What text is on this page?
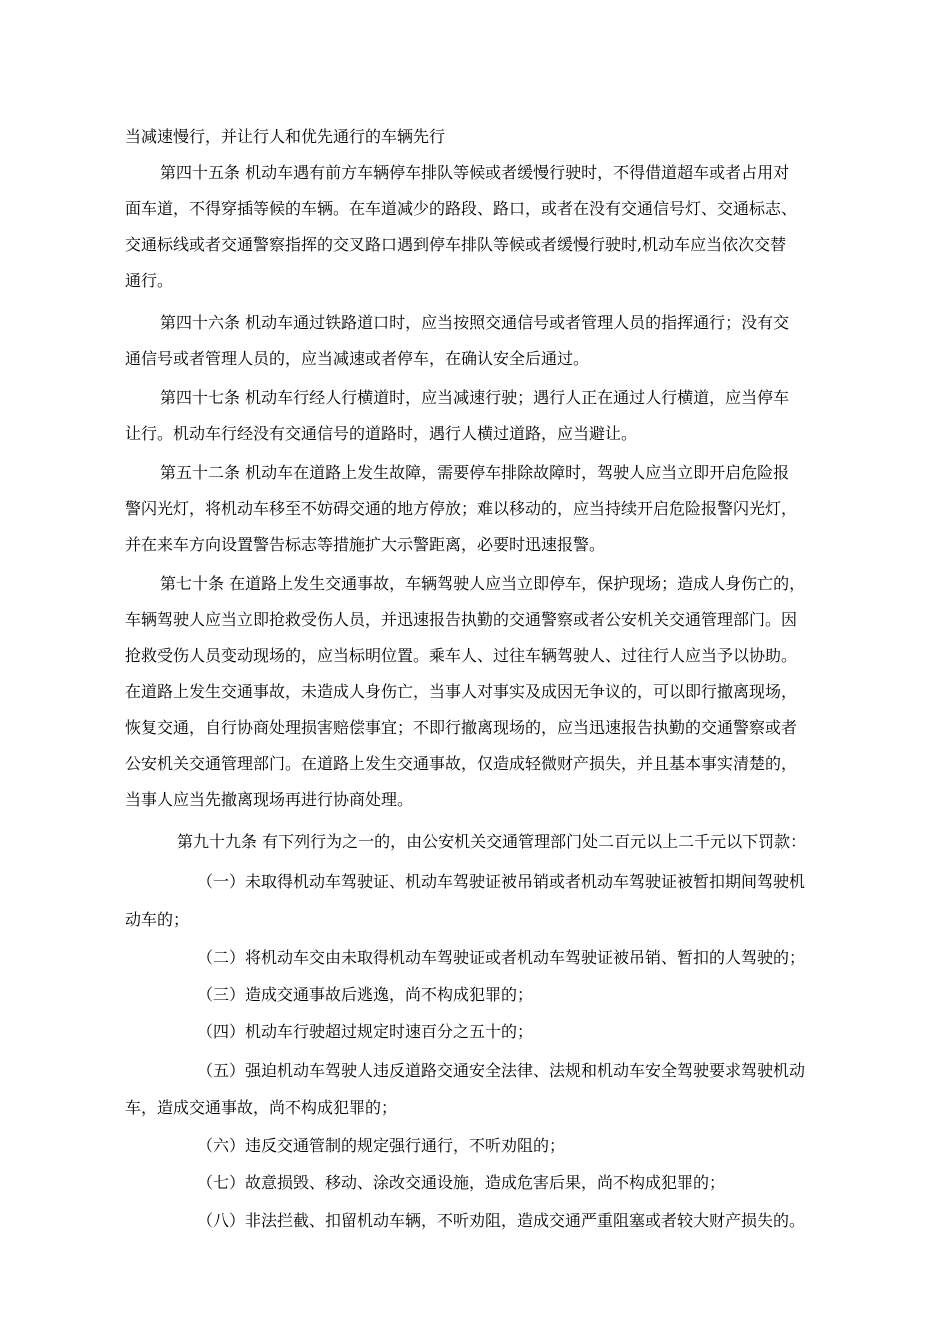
当减速慢行，并让行人和优先通行的车辆先行
第四十五条 机动车遇有前方车辆停车排队等候或者缓慢行驶时，不得借道超车或者占用对
面车道，不得穿插等候的车辆。在车道减少的路段、路口，或者在没有交通信号灯、交通标志、
交通标线或者交通警察指挥的交叉路口遇到停车排队等候或者缓慢行驶时,机动车应当依次交替
通行。
第四十六条 机动车通过铁路道口时，应当按照交通信号或者管理人员的指挥通行；没有交
通信号或者管理人员的，应当减速或者停车，在确认安全后通过。
第四十七条 机动车行经人行横道时，应当减速行驶；遇行人正在通过人行横道，应当停车
让行。机动车行经没有交通信号的道路时，遇行人横过道路，应当避让。
第五十二条 机动车在道路上发生故障，需要停车排除故障时，驾驶人应当立即开启危险报
警闪光灯，将机动车移至不妨碍交通的地方停放；难以移动的，应当持续开启危险报警闪光灯，
并在来车方向设置警告标志等措施扩大示警距离，必要时迅速报警。
第七十条 在道路上发生交通事故，车辆驾驶人应当立即停车，保护现场；造成人身伤亡的，
车辆驾驶人应当立即抢救受伤人员，并迅速报告执勤的交通警察或者公安机关交通管理部门。因
抢救受伤人员变动现场的，应当标明位置。乘车人、过往车辆驾驶人、过往行人应当予以协助。
在道路上发生交通事故，未造成人身伤亡，当事人对事实及成因无争议的，可以即行撤离现场，
恢复交通，自行协商处理损害赔偿事宜；不即行撤离现场的，应当迅速报告执勤的交通警察或者
公安机关交通管理部门。在道路上发生交通事故，仅造成轻微财产损失，并且基本事实清楚的，
当事人应当先撤离现场再进行协商处理。
第九十九条 有下列行为之一的，由公安机关交通管理部门处二百元以上二千元以下罚款：
（一）未取得机动车驾驶证、机动车驾驶证被吊销或者机动车驾驶证被暂扣期间驾驶机
动车的；
（二）将机动车交由未取得机动车驾驶证或者机动车驾驶证被吊销、暂扣的人驾驶的；
（三）造成交通事故后逃逸，尚不构成犯罪的；
（四）机动车行驶超过规定时速百分之五十的；
（五）强迫机动车驾驶人违反道路交通安全法律、法规和机动车安全驾驶要求驾驶机动
车，造成交通事故，尚不构成犯罪的；
（六）违反交通管制的规定强行通行，不听劝阻的；
（七）故意损毁、移动、涂改交通设施，造成危害后果，尚不构成犯罪的；
（八）非法拦截、扣留机动车辆，不听劝阻，造成交通严重阻塞或者较大财产损失的。
